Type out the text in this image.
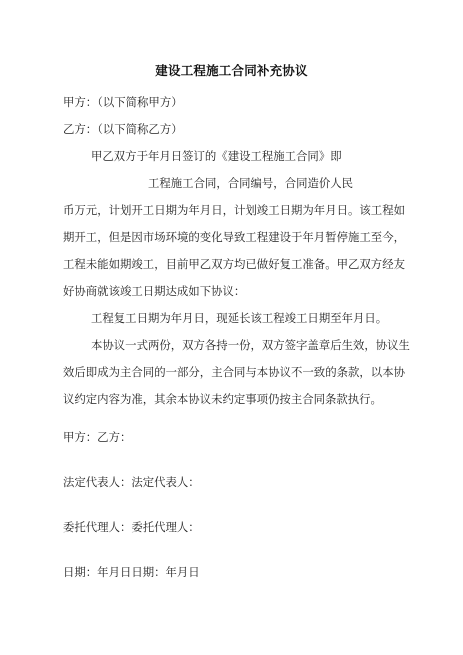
建设工程施工合同补充协议
甲方：（以下简称甲方）
乙方：（以下简称乙方）
甲乙双方于年月日签订的《建设工程施工合同》即
工程施工合同，合同编号，合同造价人民
币万元，计划开工日期为年月日，计划竣工日期为年月日。该工程如
期开工，但是因市场环境的变化导致工程建设于年月暂停施工至今，
工程未能如期竣工，目前甲乙双方均已做好复工准备。甲乙双方经友
好协商就该竣工日期达成如下协议：
工程复工日期为年月日，现延长该工程竣工日期至年月日。
本协议一式两份，双方各持一份，双方签字盖章后生效，协议生
效后即成为主合同的一部分，主合同与本协议不一致的条款，以本协
议约定内容为准，其余本协议未约定事项仍按主合同条款执行。
甲方：乙方：
法定代表人：法定代表人：
委托代理人：委托代理人：
日期：年月日日期：年月日
